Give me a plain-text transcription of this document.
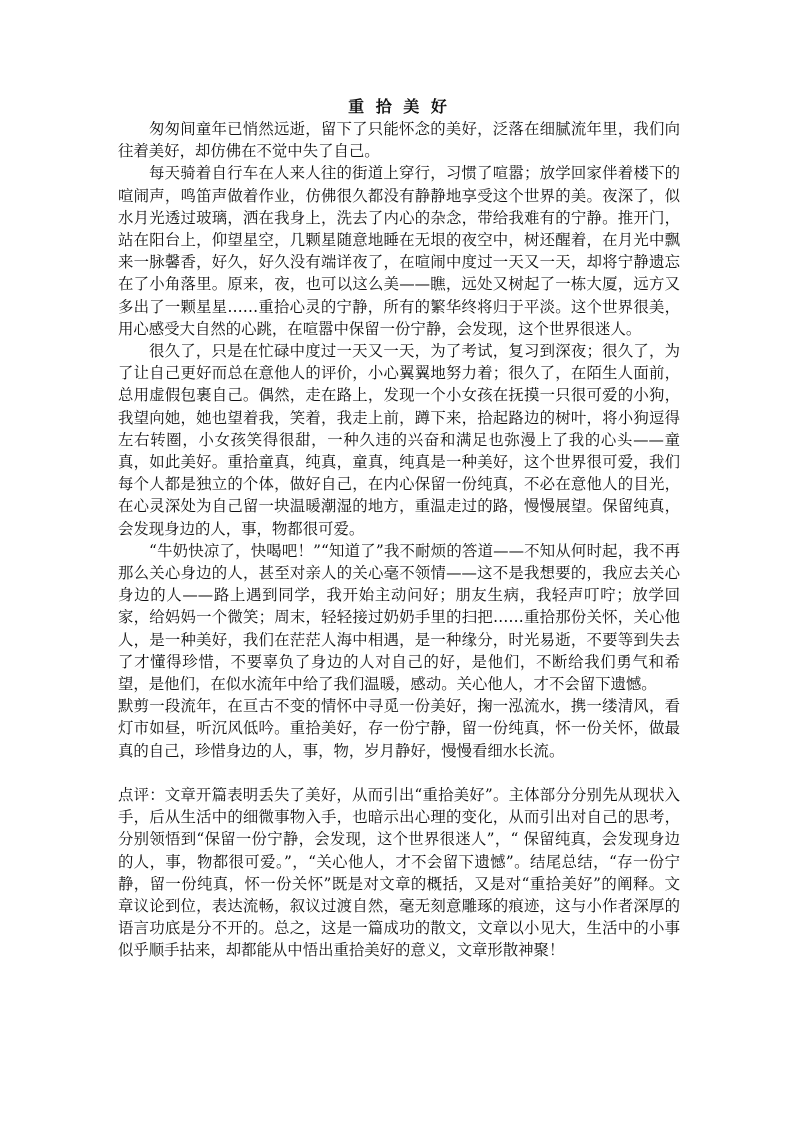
重 拾 美 好

匆匆间童年已悄然远逝，留下了只能怀念的美好，泛落在细腻流年里，我们向往着美好，却仿佛在不觉中失了自己。

每天骑着自行车在人来人往的街道上穿行，习惯了喧嚣；放学回家伴着楼下的喧闹声，鸣笛声做着作业，仿佛很久都没有静静地享受这个世界的美。夜深了，似水月光透过玻璃，洒在我身上，洗去了内心的杂念，带给我难有的宁静。推开门，站在阳台上，仰望星空，几颗星随意地睡在无垠的夜空中，树还醒着，在月光中飘来一脉馨香，好久，好久没有端详夜了，在喧闹中度过一天又一天，却将宁静遗忘在了小角落里。原来，夜，也可以这么美——瞧，远处又树起了一栋大厦，远方又多出了一颗星星……重拾心灵的宁静，所有的繁华终将归于平淡。这个世界很美，用心感受大自然的心跳，在喧嚣中保留一份宁静，会发现，这个世界很迷人。

很久了，只是在忙碌中度过一天又一天，为了考试，复习到深夜；很久了，为了让自己更好而总在意他人的评价，小心翼翼地努力着；很久了，在陌生人面前，总用虚假包裹自己。偶然，走在路上，发现一个小女孩在抚摸一只很可爱的小狗，我望向她，她也望着我，笑着，我走上前，蹲下来，拾起路边的树叶，将小狗逗得左右转圈，小女孩笑得很甜，一种久违的兴奋和满足也弥漫上了我的心头——童真，如此美好。重拾童真，纯真，童真，纯真是一种美好，这个世界很可爱，我们每个人都是独立的个体，做好自己，在内心保留一份纯真，不必在意他人的目光，在心灵深处为自己留一块温暖潮湿的地方，重温走过的路，慢慢展望。保留纯真，会发现身边的人，事，物都很可爱。

“牛奶快凉了，快喝吧！”“知道了”我不耐烦的答道——不知从何时起，我不再那么关心身边的人，甚至对亲人的关心毫不领情——这不是我想要的，我应去关心身边的人——路上遇到同学，我开始主动问好；朋友生病，我轻声叮咛；放学回家，给妈妈一个微笑；周末，轻轻接过奶奶手里的扫把……重拾那份关怀，关心他人，是一种美好，我们在茫茫人海中相遇，是一种缘分，时光易逝，不要等到失去了才懂得珍惜，不要辜负了身边的人对自己的好，是他们，不断给我们勇气和希望，是他们，在似水流年中给了我们温暖，感动。关心他人，才不会留下遗憾。

默剪一段流年，在亘古不变的情怀中寻觅一份美好，掬一泓流水，携一缕清风，看灯市如昼，听沉风低吟。重拾美好，存一份宁静，留一份纯真，怀一份关怀，做最真的自己，珍惜身边的人，事，物，岁月静好，慢慢看细水长流。

点评：文章开篇表明丢失了美好，从而引出“重拾美好”。主体部分分别先从现状入手，后从生活中的细微事物入手，也暗示出心理的变化，从而引出对自己的思考，分别领悟到“保留一份宁静，会发现，这个世界很迷人”，“ 保留纯真，会发现身边的人，事，物都很可爱。”，“关心他人，才不会留下遗憾”。结尾总结，“存一份宁静，留一份纯真，怀一份关怀”既是对文章的概括，又是对“重拾美好”的阐释。文章议论到位，表达流畅，叙议过渡自然，毫无刻意雕琢的痕迹，这与小作者深厚的语言功底是分不开的。总之，这是一篇成功的散文，文章以小见大，生活中的小事似乎顺手拈来，却都能从中悟出重拾美好的意义，文章形散神聚！
